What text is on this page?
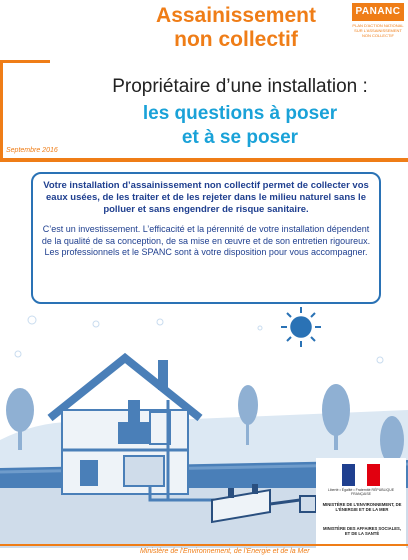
Assainissement
non collectif
PANANC
PLAN D'ACTION NATIONAL SUR L'ASSAINISSEMENT NON COLLECTIF
Septembre 2016
Propriétaire d’une installation :
les questions à poser
et à se poser

Votre installation d’assainissement non collectif permet de collecter vos eaux usées, de les traiter et de les rejeter dans le milieu naturel sans le polluer et sans engendrer de risque sanitaire.

C’est un investissement. L’efficacité et la pérennité de votre installation dépendent de la qualité de sa conception, de sa mise en œuvre et de son entretien rigoureux.

Les professionnels et le SPANC sont à votre disposition pour vous accompagner.

Liberté • Égalité • Fraternité RÉPUBLIQUE FRANÇAISE
MINISTÈRE DE L’ENVIRONNEMENT, DE L’ÉNERGIE ET DE LA MER
MINISTÈRE DES AFFAIRES SOCIALES, ET DE LA SANTÉ
Ministère de l'Environnement, de l'Energie et de la Mer
